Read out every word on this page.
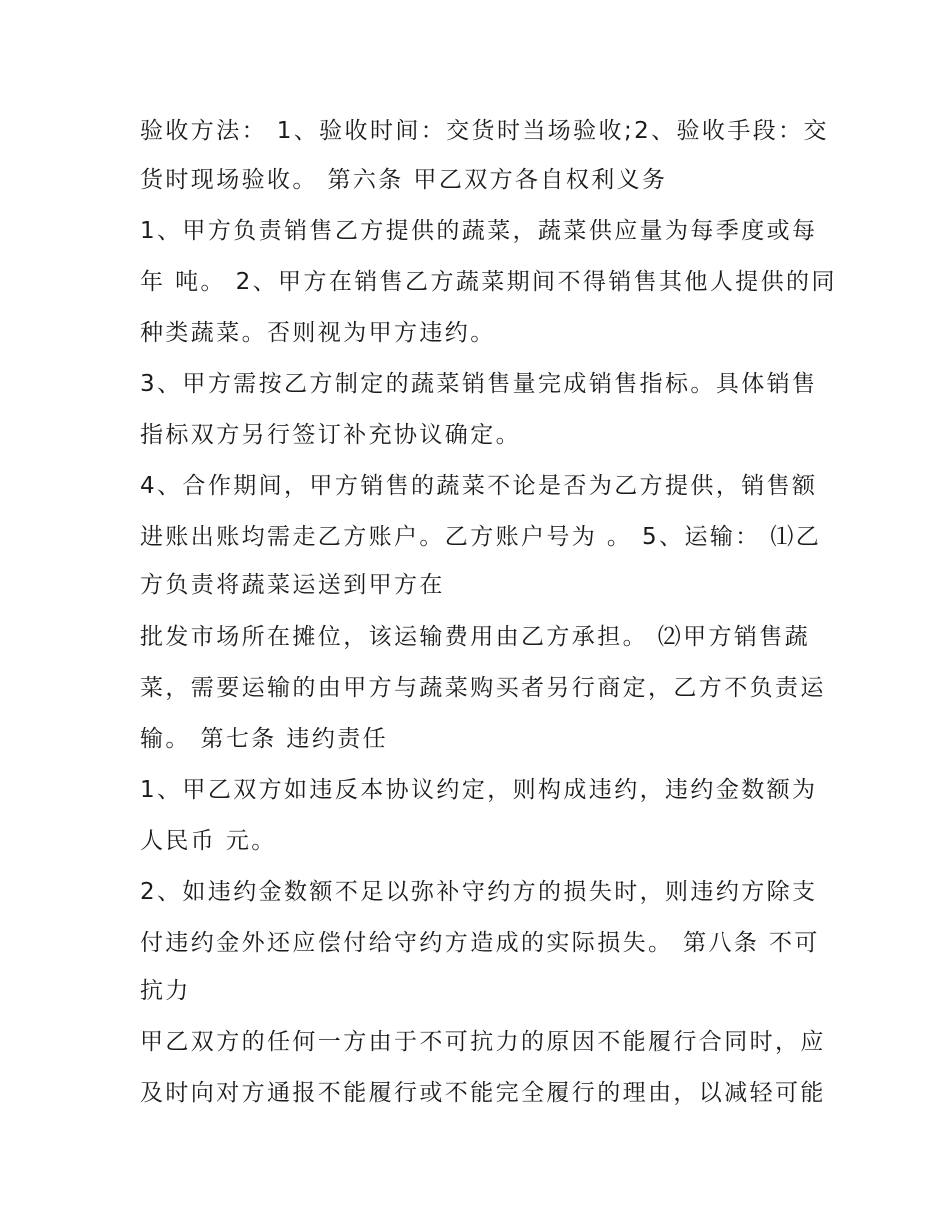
验收方法： 1、验收时间：交货时当场验收;2、验收手段：交
货时现场验收。 第六条 甲乙双方各自权利义务
1、甲方负责销售乙方提供的蔬菜，蔬菜供应量为每季度或每
年 吨。 2、甲方在销售乙方蔬菜期间不得销售其他人提供的同
种类蔬菜。否则视为甲方违约。
3、甲方需按乙方制定的蔬菜销售量完成销售指标。具体销售
指标双方另行签订补充协议确定。
4、合作期间，甲方销售的蔬菜不论是否为乙方提供，销售额
进账出账均需走乙方账户。乙方账户号为 。 5、运输： ⑴乙
方负责将蔬菜运送到甲方在
批发市场所在摊位，该运输费用由乙方承担。 ⑵甲方销售蔬
菜，需要运输的由甲方与蔬菜购买者另行商定，乙方不负责运
输。 第七条 违约责任
1、甲乙双方如违反本协议约定，则构成违约，违约金数额为
人民币 元。
2、如违约金数额不足以弥补守约方的损失时，则违约方除支
付违约金外还应偿付给守约方造成的实际损失。 第八条 不可
抗力
甲乙双方的任何一方由于不可抗力的原因不能履行合同时，应
及时向对方通报不能履行或不能完全履行的理由，以减轻可能
